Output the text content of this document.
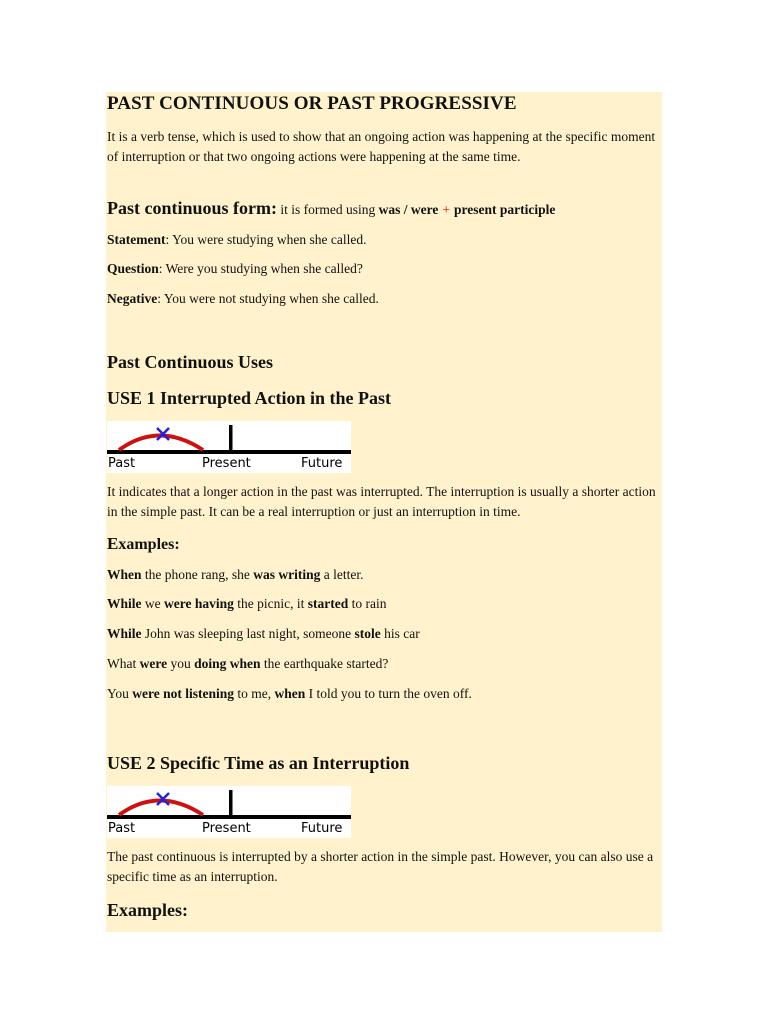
PAST CONTINUOUS OR PAST PROGRESSIVE

It is a verb tense, which is used to show that an ongoing action was happening at the specific moment of interruption or that two ongoing actions were happening at the same time.

Past continuous form: it is formed using was / were + present participle
Statement: You were studying when she called.
Question: Were you studying when she called?
Negative: You were not studying when she called.
Past Continuous Uses
USE 1 Interrupted Action in the Past
Past	Present	Future

It indicates that a longer action in the past was interrupted. The interruption is usually a shorter action in the simple past. It can be a real interruption or just an interruption in time.

Examples:
When the phone rang, she was writing a letter.
While we were having the picnic, it started to rain
While John was sleeping last night, someone stole his car
What were you doing when the earthquake started?
You were not listening to me, when I told you to turn the oven off.
USE 2 Specific Time as an Interruption
Past	Present	Future

The past continuous is interrupted by a shorter action in the simple past. However, you can also use a specific time as an interruption.

Examples:
